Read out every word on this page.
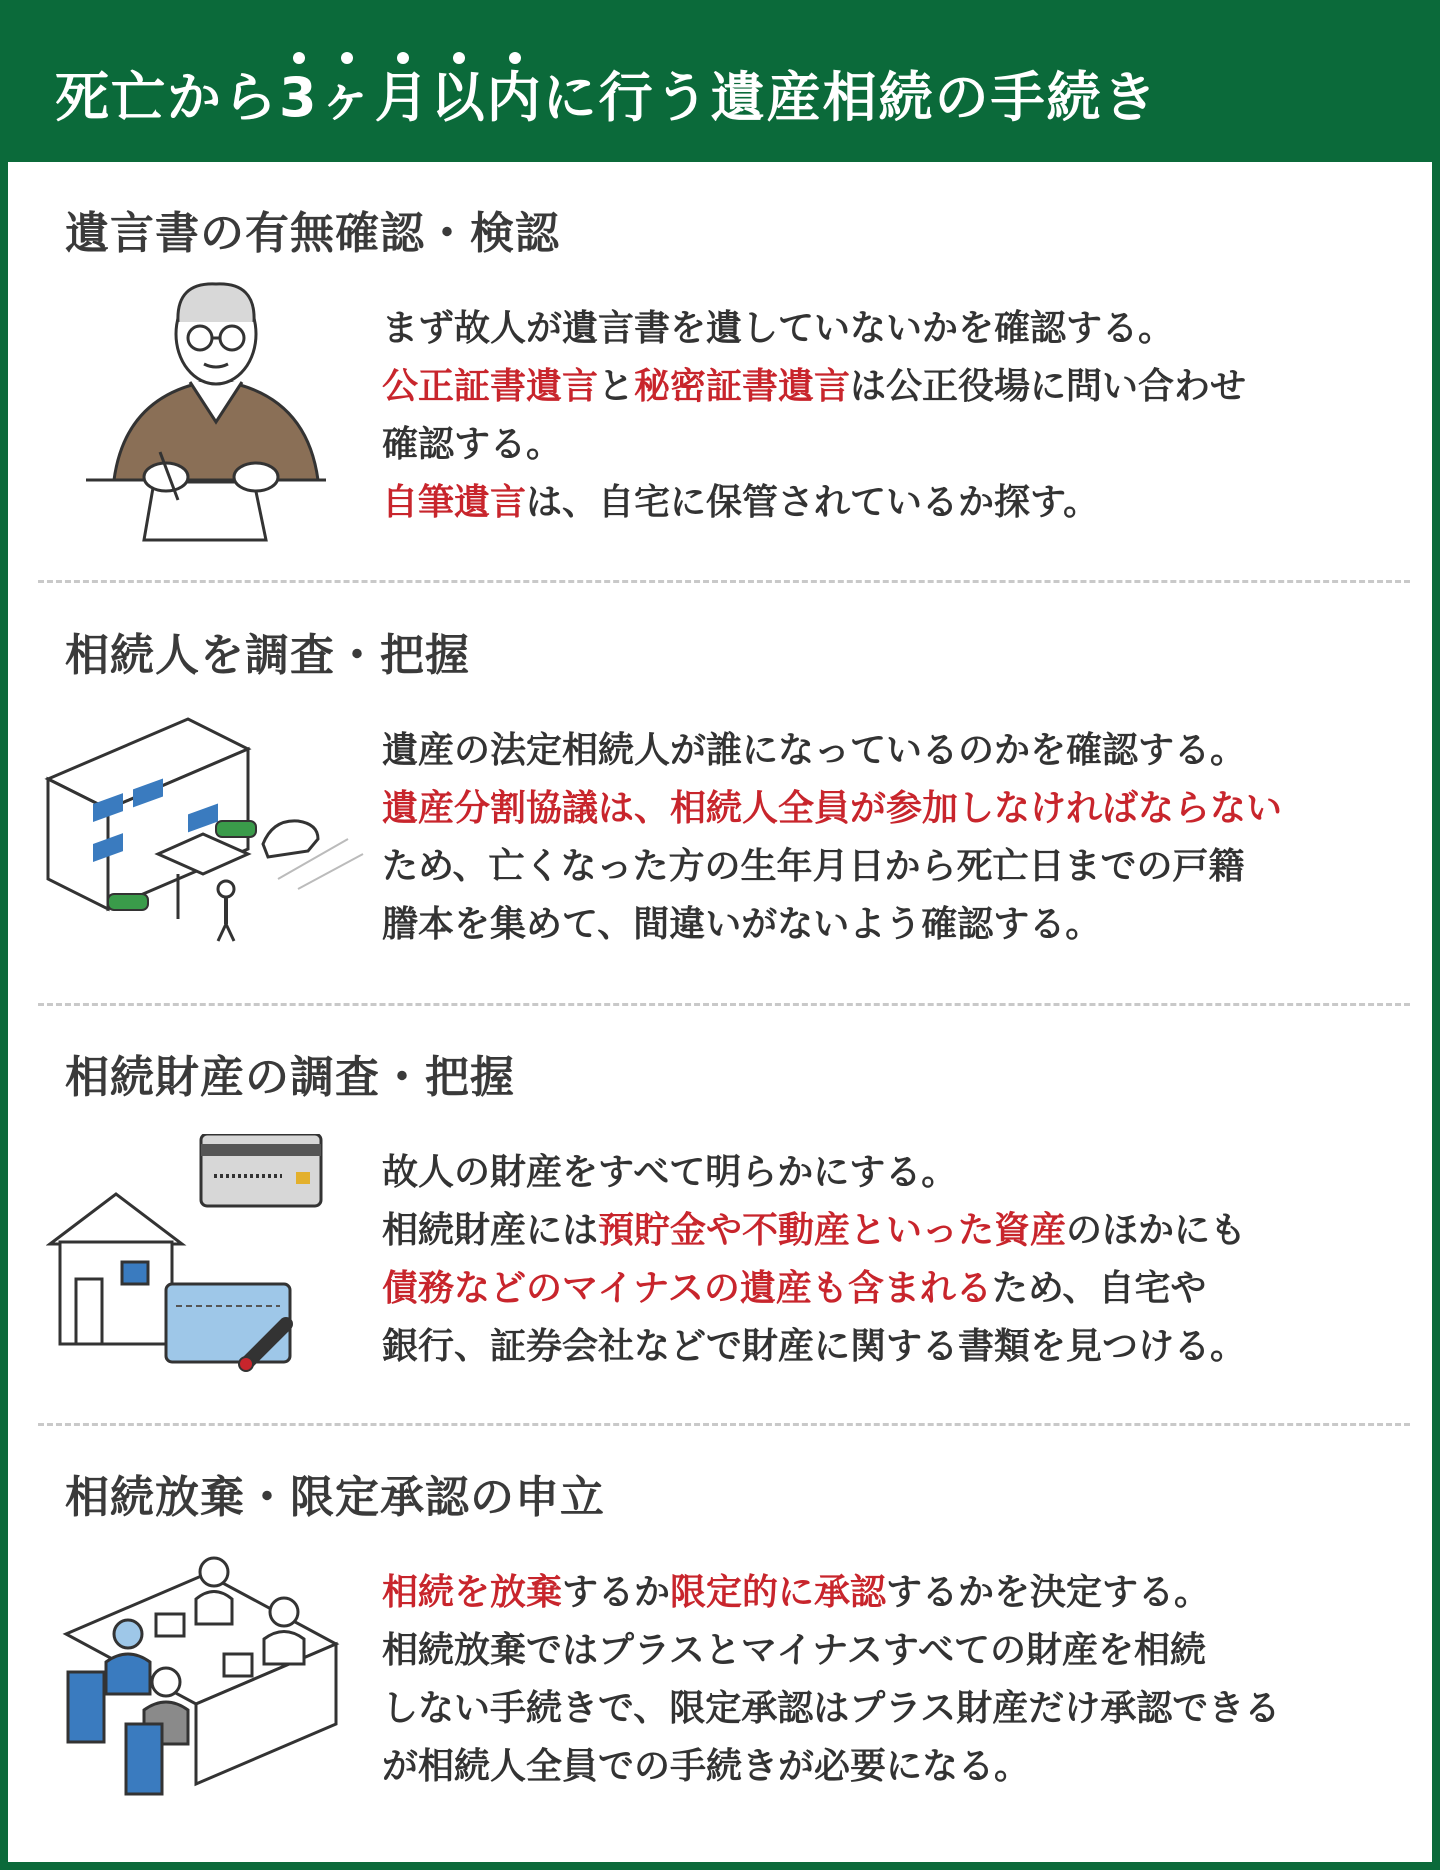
死亡から3ヶ月以内に行う遺産相続の手続き
遺言書の有無確認・検認

まず故人が遺言書を遺していないかを確認する。

公正証書遺言と秘密証書遺言は公正役場に問い合わせ

確認する。

自筆遺言は、自宅に保管されているか探す。

相続人を調査・把握

遺産の法定相続人が誰になっているのかを確認する。

遺産分割協議は、相続人全員が参加しなければならない

ため、亡くなった方の生年月日から死亡日までの戸籍

謄本を集めて、間違いがないよう確認する。

相続財産の調査・把握

故人の財産をすべて明らかにする。

相続財産には預貯金や不動産といった資産のほかにも

債務などのマイナスの遺産も含まれるため、自宅や

銀行、証券会社などで財産に関する書類を見つける。

相続放棄・限定承認の申立

相続を放棄するか限定的に承認するかを決定する。

相続放棄ではプラスとマイナスすべての財産を相続

しない手続きで、限定承認はプラス財産だけ承認できる

が相続人全員での手続きが必要になる。
